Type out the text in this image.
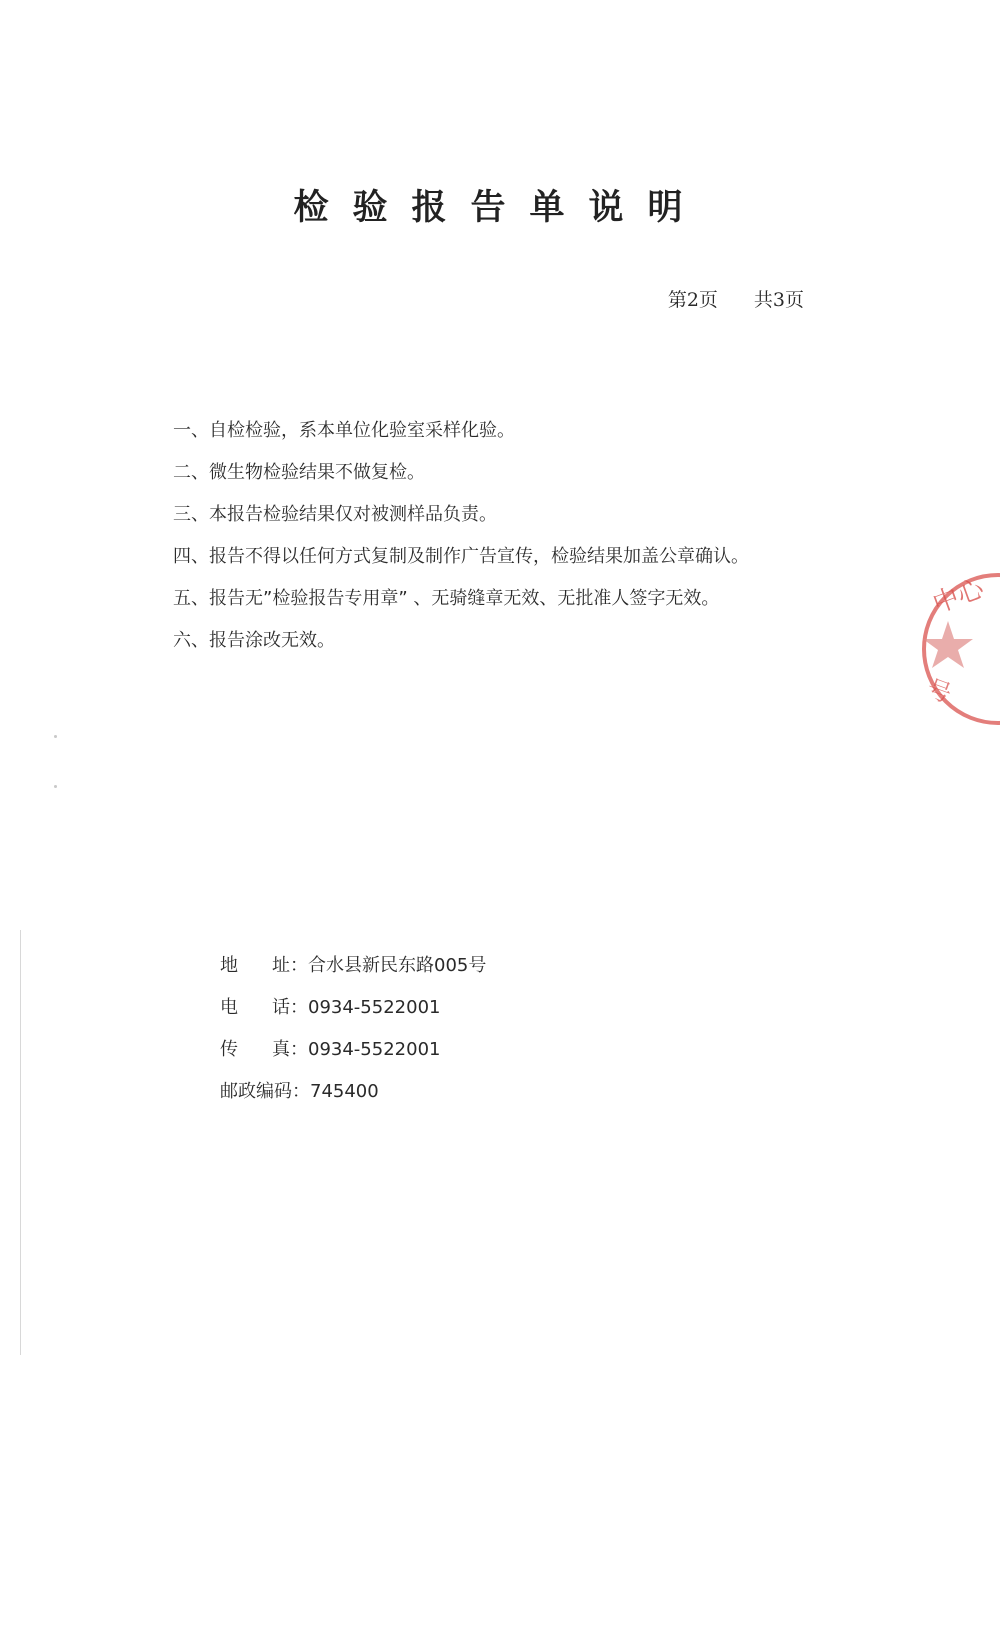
检验报告单说明
第2页 共3页
一、自检检验，系本单位化验室采样化验。
二、微生物检验结果不做复检。
三、本报告检验结果仅对被测样品负责。
四、报告不得以任何方式复制及制作广告宣传，检验结果加盖公章确认。
五、报告无”检验报告专用章” 、无骑缝章无效、无批准人签字无效。
六、报告涂改无效。
地 址： 合水县新民东路005号
电 话： 0934-5522001
传 真： 0934-5522001
邮政编码：745400
中心
号
